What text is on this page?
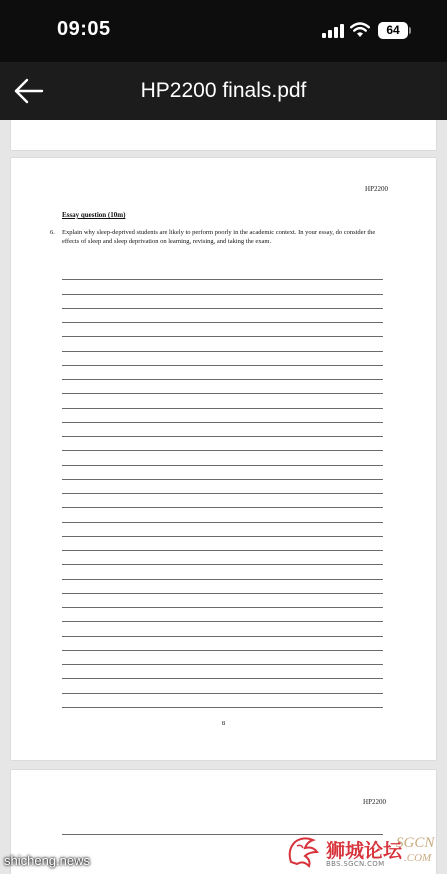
09:05	64
HP2200 finals.pdf
HP2200
Essay question (10m)
6. Explain why sleep-deprived students are likely to perform poorly in the academic context. In your essay, do consider the effects of sleep and sleep deprivation on learning, revising, and taking the exam.
8
HP2200
shicheng.news	狮城论坛
BBS.SGCN.COM
SGCN
.COM
